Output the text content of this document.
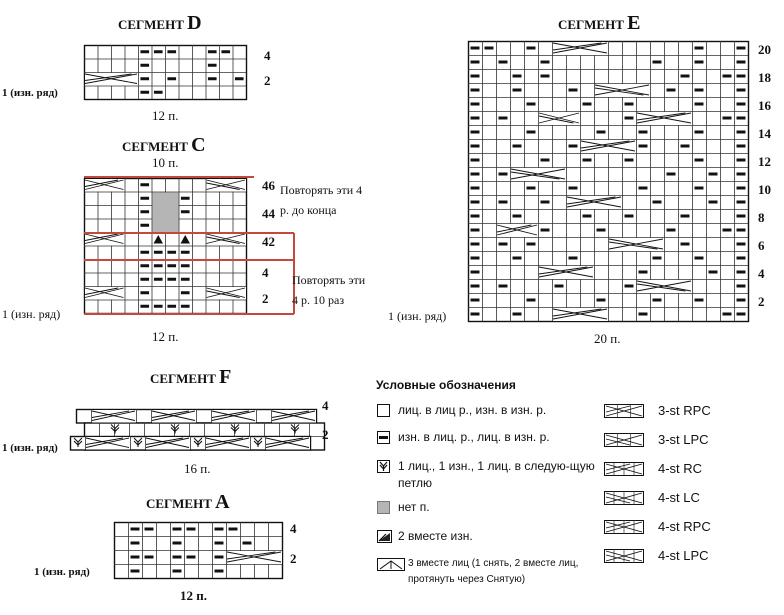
СЕГМЕНТ D
4
2
1 (изн. ряд)
12 п.
СЕГМЕНТ C
10 п.
46
44
42
4
2
Повторять эти 4 р. до конца
Повторять эти 4 р. 10 раз
1 (изн. ряд)
12 п.
СЕГМЕНТ F
4
2
1 (изн. ряд)
16 п.
СЕГМЕНТ A
4
2
1 (изн. ряд)
12 п.
СЕГМЕНТ E
20
18
16
14
12
10
8
6
4
2
1 (изн. ряд)
20 п.
Условные обозначения
лиц. в лиц р., изн. в изн. р.
изн. в лиц. р., лиц. в изн. р.
1 лиц., 1 изн., 1 лиц. в следую-щую петлю
нет п.
2 вместе изн.
3 вместе лиц (1 снять, 2 вместе лиц, протянуть через Снятую)
3-st RPC
3-st LPC
4-st RC
4-st LC
4-st RPC
4-st LPC
